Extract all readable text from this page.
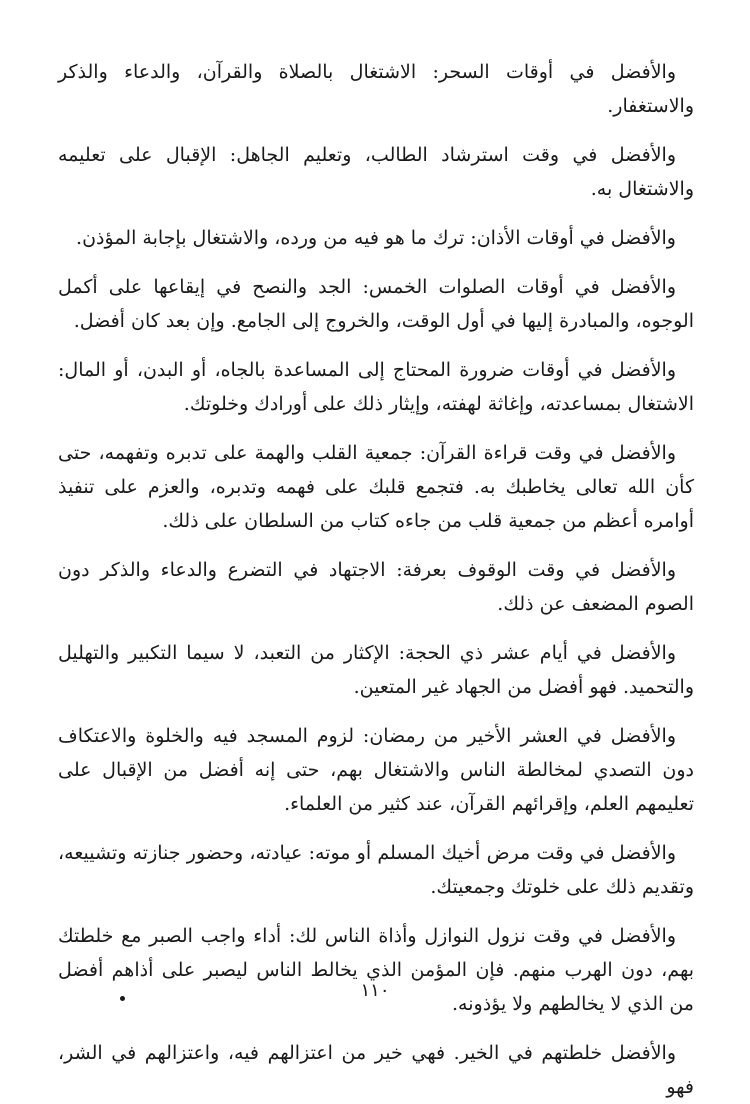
والأفضل في أوقات السحر: الاشتغال بالصلاة والقرآن، والدعاء والذكر والاستغفار.

والأفضل في وقت استرشاد الطالب، وتعليم الجاهل: الإقبال على تعليمه والاشتغال به.

والأفضل في أوقات الأذان: ترك ما هو فيه من ورده، والاشتغال بإجابة المؤذن.

والأفضل في أوقات الصلوات الخمس: الجد والنصح في إيقاعها على أكمل الوجوه، والمبادرة إليها في أول الوقت، والخروج إلى الجامع. وإن بعد كان أفضل.

والأفضل في أوقات ضرورة المحتاج إلى المساعدة بالجاه، أو البدن، أو المال: الاشتغال بمساعدته، وإغاثة لهفته، وإيثار ذلك على أورادك وخلوتك.

والأفضل في وقت قراءة القرآن: جمعية القلب والهمة على تدبره وتفهمه، حتى كأن الله تعالى يخاطبك به. فتجمع قلبك على فهمه وتدبره، والعزم على تنفيذ أوامره أعظم من جمعية قلب من جاءه كتاب من السلطان على ذلك.

والأفضل في وقت الوقوف بعرفة: الاجتهاد في التضرع والدعاء والذكر دون الصوم المضعف عن ذلك.

والأفضل في أيام عشر ذي الحجة: الإكثار من التعبد، لا سيما التكبير والتهليل والتحميد. فهو أفضل من الجهاد غير المتعين.

والأفضل في العشر الأخير من رمضان: لزوم المسجد فيه والخلوة والاعتكاف دون التصدي لمخالطة الناس والاشتغال بهم، حتى إنه أفضل من الإقبال على تعليمهم العلم، وإقرائهم القرآن، عند كثير من العلماء.

والأفضل في وقت مرض أخيك المسلم أو موته: عيادته، وحضور جنازته وتشييعه، وتقديم ذلك على خلوتك وجمعيتك.

والأفضل في وقت نزول النوازل وأذاة الناس لك: أداء واجب الصبر مع خلطتك بهم، دون الهرب منهم. فإن المؤمن الذي يخالط الناس ليصبر على أذاهم أفضل من الذي لا يخالطهم ولا يؤذونه.

والأفضل خلطتهم في الخير. فهي خير من اعتزالهم فيه، واعتزالهم في الشر، فهو

١١٠
